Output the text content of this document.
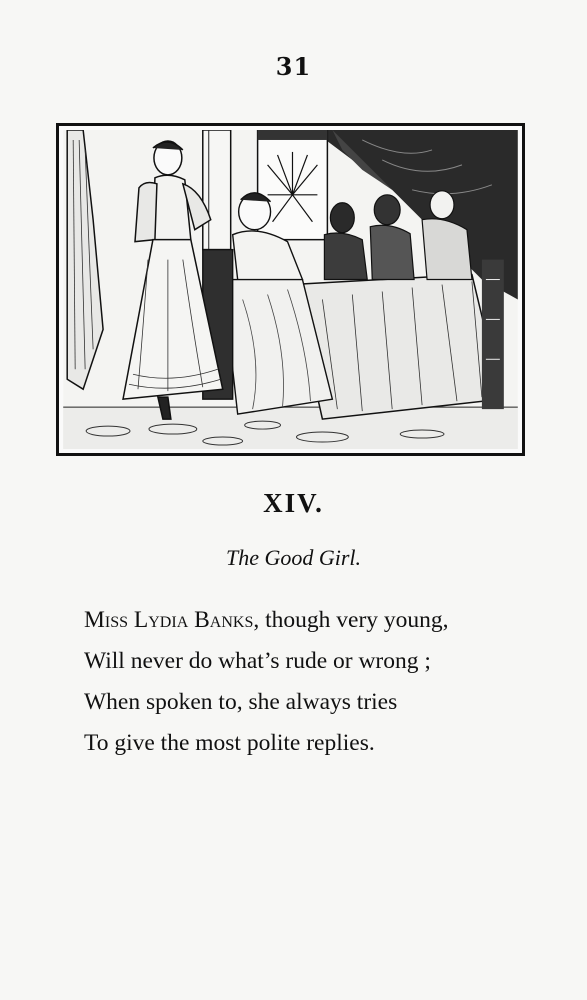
31
XIV.
The Good Girl.
Miss Lydia Banks, though very young,
Will never do what’s rude or wrong ;
When spoken to, she always tries
To give the most polite replies.
